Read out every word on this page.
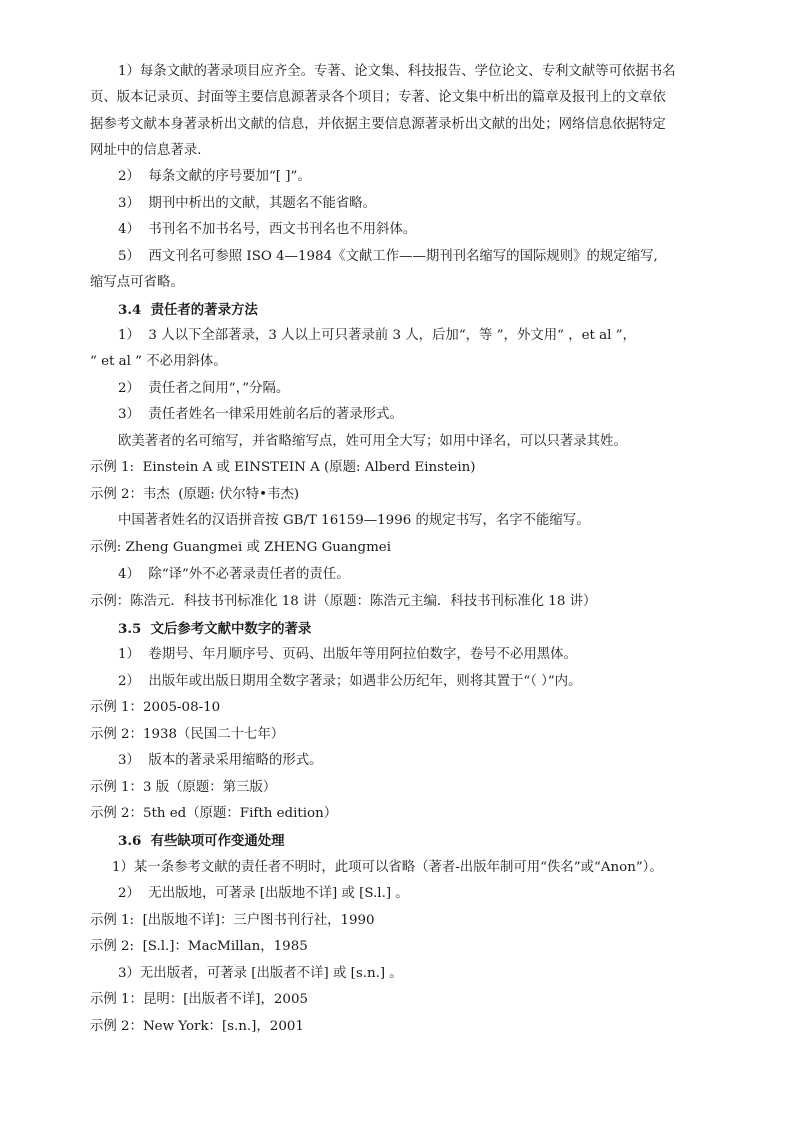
1）每条文献的著录项目应齐全。专著、论文集、科技报告、学位论文、专利文献等可依据书名

页、版本记录页、封面等主要信息源著录各个项目；专著、论文集中析出的篇章及报刊上的文章依

据参考文献本身著录析出文献的信息，并依据主要信息源著录析出文献的出处；网络信息依据特定

网址中的信息著录.

2）  每条文献的序号要加“[ ]”。

3）  期刊中析出的文献，其题名不能省略。

4）  书刊名不加书名号，西文书刊名也不用斜体。

5）  西文刊名可参照 ISO 4—1984《文献工作——期刊刊名缩写的国际规则》的规定缩写,

缩写点可省略。

3.4  责任者的著录方法

1）  3 人以下全部著录，3 人以上可只著录前 3 人，后加“，等 ”，外文用“ ，et al ”，

“ et al ” 不必用斜体。

2）  责任者之间用“，”分隔。

3）  责任者姓名一律采用姓前名后的著录形式。

欧美著者的名可缩写，并省略缩写点，姓可用全大写；如用中译名，可以只著录其姓。

示例 1:  Einstein A 或 EINSTEIN A (原题: Alberd Einstein)

示例 2：韦杰  (原题: 伏尔特•韦杰)

中国著者姓名的汉语拼音按 GB/T 16159—1996 的规定书写，名字不能缩写。

示例: Zheng Guangmei 或 ZHENG Guangmei

4）  除“译”外不必著录责任者的责任。

示例：陈浩元．科技书刊标准化 18 讲（原题：陈浩元主编．科技书刊标准化 18 讲）

3.5  文后参考文献中数字的著录

1）  卷期号、年月顺序号、页码、出版年等用阿拉伯数字，卷号不必用黑体。

2）  出版年或出版日期用全数字著录；如遇非公历纪年，则将其置于“（ ）”内。

示例 1：2005-08-10

示例 2：1938（民国二十七年）

3）  版本的著录采用缩略的形式。

示例 1：3 版（原题：第三版）

示例 2：5th ed（原题：Fifth edition）

3.6  有些缺项可作变通处理

1）某一条参考文献的责任者不明时，此项可以省略（著者-出版年制可用“佚名”或“Anon”）。

2）  无出版地，可著录 [出版地不详] 或 [S.l.] 。

示例 1:  [出版地不详]：三户图书刊行社，1990

示例 2:  [S.l.]：MacMillan，1985

3）无出版者，可著录 [出版者不详] 或 [s.n.] 。

示例 1：昆明：[出版者不详]，2005

示例 2：New York：[s.n.]，2001
